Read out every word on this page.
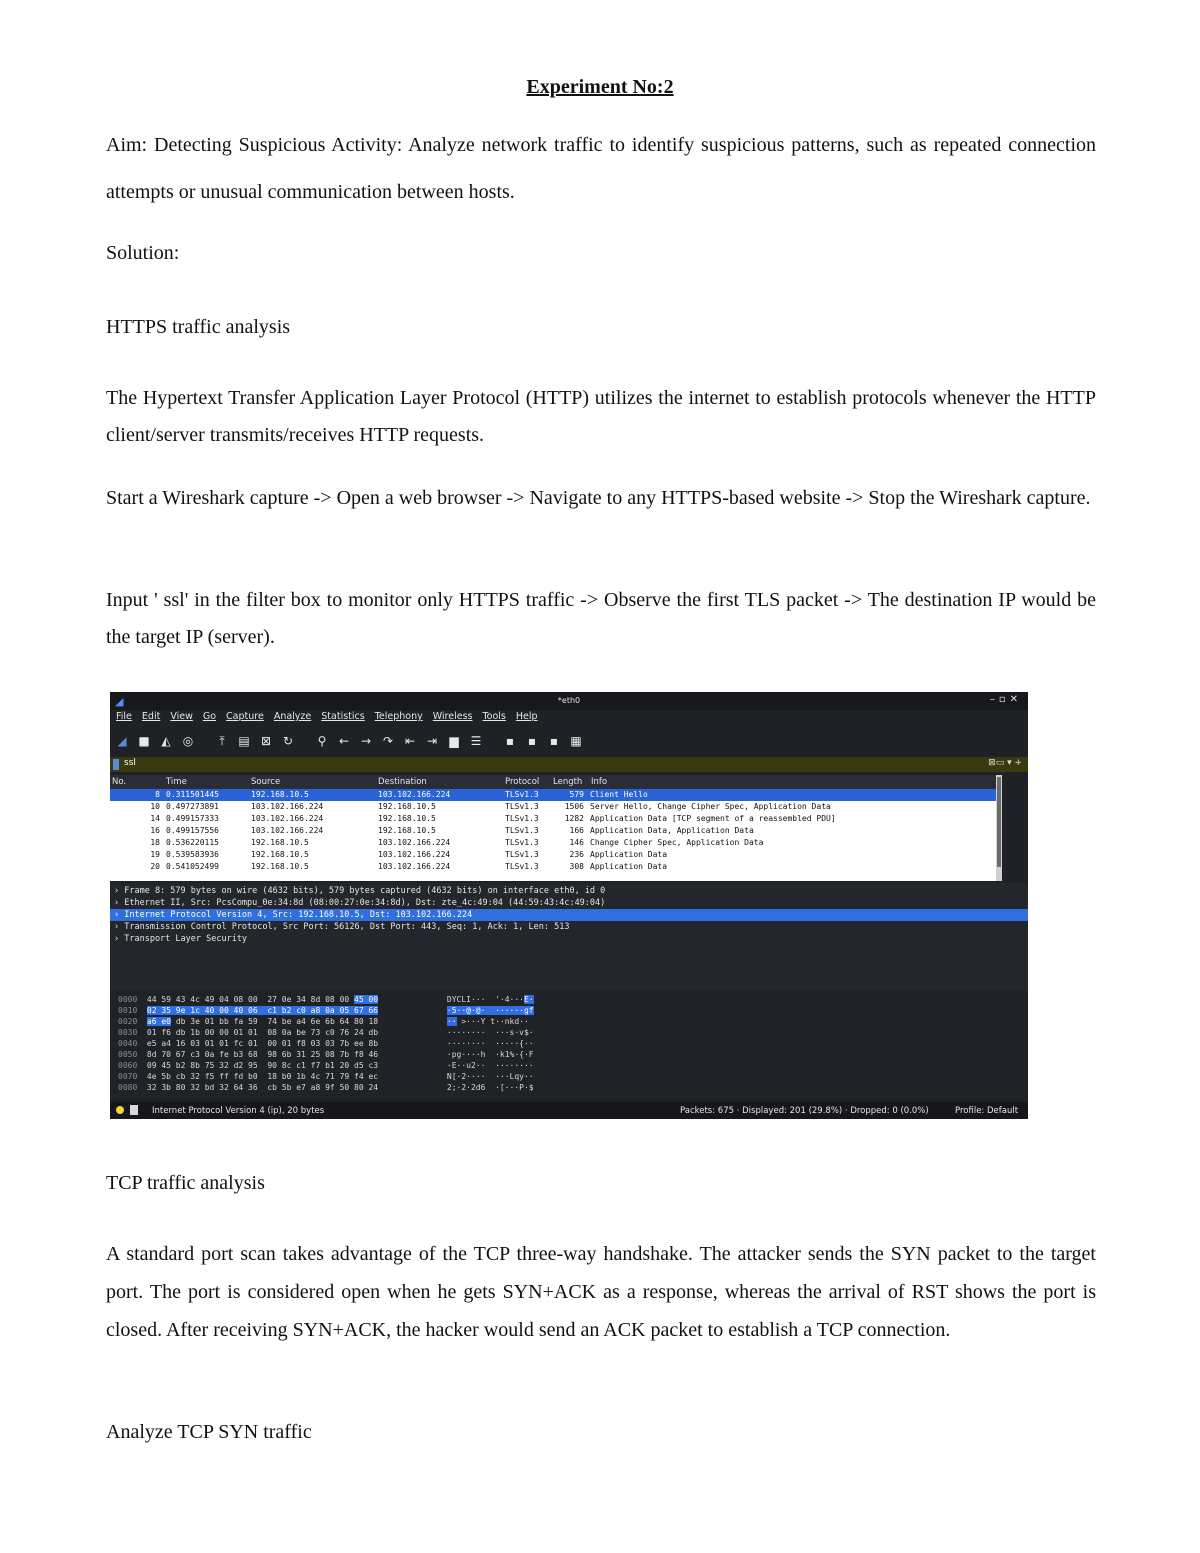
Experiment No:2

Aim: Detecting Suspicious Activity: Analyze network traffic to identify suspicious patterns, such as repeated connection attempts or unusual communication between hosts.

Solution:

HTTPS traffic analysis

The Hypertext Transfer Application Layer Protocol (HTTP) utilizes the internet to establish protocols whenever the HTTP client/server transmits/receives HTTP requests.

Start a Wireshark capture -> Open a web browser -> Navigate to any HTTPS-based website -> Stop the Wireshark capture.

Input ' ssl' in the filter box to monitor only HTTPS traffic -> Observe the first TLS packet -> The destination IP would be the target IP (server).

◢	*eth0	–▫✕
File Edit View Go Capture Analyze Statistics Telephony Wireless Tools Help
◢ ■ ◭ ◎	⤒	▤ ⊠ ↻ ⚲	← → ↷ ⇤ ⇥ ▆ ☰	▪	▪	▪	▦
ssl	⊠▭ ▾ +
No.	Time	Source	Destination	Protocol Length Info
8 0.311501445	192.168.10.5	103.102.166.224	TLSv1.3	579 Client Hello
10 0.497273891	103.102.166.224	192.168.10.5	TLSv1.3	1506 Server Hello, Change Cipher Spec, Application Data
14 0.499157333	103.102.166.224	192.168.10.5	TLSv1.3	1282 Application Data [TCP segment of a reassembled PDU]
16 0.499157556	103.102.166.224	192.168.10.5	TLSv1.3	166 Application Data, Application Data
18 0.536220115	192.168.10.5	103.102.166.224	TLSv1.3	146 Change Cipher Spec, Application Data
19 0.539583936	192.168.10.5	103.102.166.224	TLSv1.3	236 Application Data
20 0.541052499	192.168.10.5	103.102.166.224	TLSv1.3	308 Application Data
› Frame 8: 579 bytes on wire (4632 bits), 579 bytes captured (4632 bits) on interface eth0, id 0
› Ethernet II, Src: PcsCompu_0e:34:8d (08:00:27:0e:34:8d), Dst: zte_4c:49:04 (44:59:43:4c:49:04)
› Internet Protocol Version 4, Src: 192.168.10.5, Dst: 103.102.166.224
› Transmission Control Protocol, Src Port: 56126, Dst Port: 443, Seq: 1, Ack: 1, Len: 513
› Transport Layer Security
0000 44 59 43 4c 49 04 08 00  27 0e 34 8d 08 00 45 00	DYCLI···  '·4···E·
0010 02 35 9e 1c 40 00 40 06  c1 b2 c0 a8 0a 05 67 66	·5··@·@·  ······gf
0020 a6 e0 db 3e 01 bb fa 59  74 be a4 6e 6b 64 80 18	·· >···Y t··nkd··
0030 01 f6 db 1b 00 00 01 01  08 0a be 73 c0 76 24 db	········  ···s·v$·
0040 e5 a4 16 03 01 01 fc 01  00 01 f8 03 03 7b ee 8b	········  ·····{··
0050 8d 70 67 c3 0a fe b3 68  98 6b 31 25 08 7b f8 46	·pg····h  ·k1%·{·F
0060 09 45 b2 8b 75 32 d2 95  90 8c c1 f7 b1 20 d5 c3	·E··u2··  ········
0070 4e 5b cb 32 f5 ff fd b0  18 b0 1b 4c 71 79 f4 ec	N[·2····  ···Lqy··
0080 32 3b 80 32 bd 32 64 36  cb 5b e7 a8 9f 50 80 24	2;·2·2d6  ·[···P·$
Internet Protocol Version 4 (ip), 20 bytes	Packets: 675 · Displayed: 201 (29.8%) · Dropped: 0 (0.0%)	Profile: Default

TCP traffic analysis

A standard port scan takes advantage of the TCP three-way handshake. The attacker sends the SYN packet to the target port. The port is considered open when he gets SYN+ACK as a response, whereas the arrival of RST shows the port is closed. After receiving SYN+ACK, the hacker would send an ACK packet to establish a TCP connection.

Analyze TCP SYN traffic
